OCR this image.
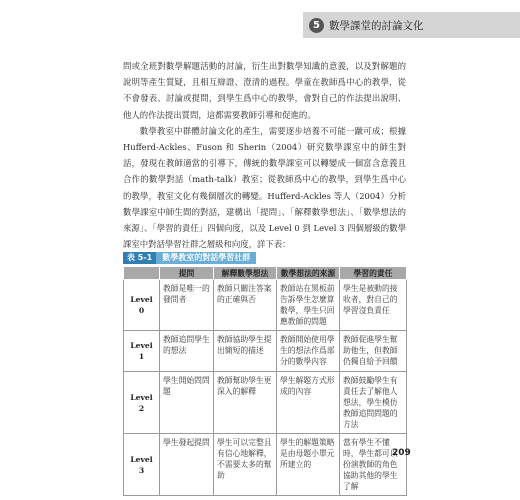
5 數學課堂的討論文化

問或全班對數學解題活動的討論，衍生出對數學知識的意義，以及對解題的說明等產生質疑，且相互辯證、澄清的過程。學童在教師爲中心的教學，從不會發表、討論或提問，到學生爲中心的教學，會對自己的作法提出說明、他人的作法提出質問，這都需要教師引導和促進的。

數學教室中群體討論文化的產生，需要逐步培養不可能一蹴可成；根據 Hufferd-Ackles、Fuson 和 Sherin（2004）研究數學課室中的師生對話，發現在教師適當的引導下，傳統的數學課室可以轉變成一個富含意義且合作的數學對話（math-talk）教室；從教師爲中心的教學，到學生爲中心的教學，教室文化有幾個層次的轉變。Hufferd-Ackles 等人（2004）分析數學課室中師生間的對話，建構出「提問」、「解釋數學想法」、「數學想法的來源」、「學習的責任」四個向度，以及 Level 0 到 Level 3 四個層級的數學課室中對話學習社群之層級和向度，詳下表：

表 5-1	數學教室的對話學習社群
	提問	解釋數學想法	數學想法的來源	學習的責任
Level 0	教師是唯一的發問者	教師只關注答案的正確與否	教師站在黑板前告訴學生怎麼算數學，學生只回應教師的問題	學生是被動的接收者，對自己的學習沒負責任
Level 1	教師追問學生的想法	教師協助學生提出簡短的描述	教師開始使用學生的想法作爲部分的數學內容	教師促進學生幫助他生，但教師仍獨自給予回饋
Level 2	學生開始問問題	教師幫助學生更深入的解釋	學生解題方式形成的內容	教師鼓勵學生有責任去了解他人想法，學生模仿教師追問問題的方法
Level 3	學生發起提問	學生可以完整且有信心地解釋，不需要太多的幫助	學生的解題策略是由母題小單元所建立的	當有學生不懂時，學生都可以扮演教師的角色協助其他的學生了解
209
